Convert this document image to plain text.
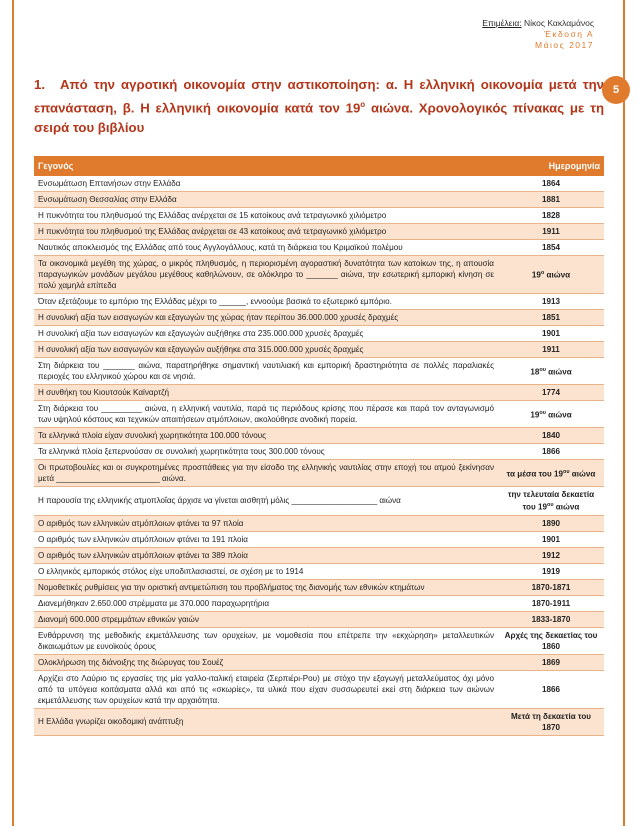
Επιμέλεια: Νίκος Κακλαμάνος
Έκδοση Α
Μάιος 2017
5
1. Από την αγροτική οικονομία στην αστικοποίηση: α. Η ελληνική οικονομία μετά την επανάσταση, β. Η ελληνική οικονομία κατά τον $19^o$ αιώνα. Χρονολογικός πίνακας με τη σειρά του βιβλίου
Γεγονός	Ημερομηνία
Ενσωμάτωση Επτανήσων στην Ελλάδα	1864
Ενσωμάτωση Θεσσαλίας στην Ελλάδα	1881
Η πυκνότητα του πληθυσμού της Ελλάδας ανέρχεται σε 15 κατοίκους ανά τετραγωνικό χιλιόμετρο	1828
Η πυκνότητα του πληθυσμού της Ελλάδας ανέρχεται σε 43 κατοίκους ανά τετραγωνικό χιλιόμετρο	1911
Ναυτικός αποκλεισμός της Ελλάδας από τους Αγγλογάλλους, κατά τη διάρκεια του Κριμαϊκού πολέμου	1854
Τα οικονομικά μεγέθη της χώρας, ο μικρός πληθυσμός, η περιορισμένη αγοραστική δυνατότητα των κατοίκων της, η απουσία παραγωγικών μονάδων μεγάλου μεγέθους καθηλώνουν, σε ολόκληρο το _______ αιώνα, την εσωτερική εμπορική κίνηση σε πολύ χαμηλά επίπεδα	$19^o$ αιώνα
Όταν εξετάζουμε το εμπόριο της Ελλάδας μέχρι το ______, εννοούμε βασικά το εξωτερικό εμπόριο.	1913
Η συνολική αξία των εισαγωγών και εξαγωγών της χώρας ήταν περίπου 36.000.000 χρυσές δραχμές	1851
Η συνολική αξία των εισαγωγών και εξαγωγών αυξήθηκε στα 235.000.000 χρυσές δραχμές	1901
Η συνολική αξία των εισαγωγών και εξαγωγών αυξήθηκε στα 315.000.000 χρυσές δραχμές	1911
Στη διάρκεια του _______ αιώνα, παρατηρήθηκε σημαντική ναυτιλιακή και εμπορική δραστηριότητα σε πολλές παραλιακές περιοχές του ελληνικού χώρου και σε νησιά.	$18^{o\upsilon}$ αιώνα
Η συνθήκη του Κιουτσούκ Καϊναρτζή	1774
Στη διάρκεια του _________ αιώνα, η ελληνική ναυτιλία, παρά τις περιόδους κρίσης που πέρασε και παρά τον ανταγωνισμό των υψηλού κόστους και τεχνικών απαιτήσεων ατμόπλοιων, ακολούθησε ανοδική πορεία.	$19^{o\upsilon}$ αιώνα
Τα ελληνικά πλοία είχαν συνολική χωρητικότητα 100.000 τόνους	1840
Τα ελληνικά πλοία ξεπερνούσαν σε συνολική χωρητικότητα τους 300.000 τόνους	1866
Οι πρωτοβουλίες και οι συγκροτημένες προσπάθειες για την είσοδο της ελληνικής ναυτιλίας στην εποχή του ατμού ξεκίνησαν μετά _______________________ αιώνα.	τα μέσα του $19^{o\upsilon}$ αιώνα
Η παρουσία της ελληνικής ατμοπλοΐας άρχισε να γίνεται αισθητή μόλις ___________________ αιώνα	την τελευταία δεκαετία του $19^{o\upsilon}$ αιώνα
Ο αριθμός των ελληνικών ατμόπλοιων φτάνει τα 97 πλοία	1890
Ο αριθμός των ελληνικών ατμόπλοιων φτάνει τα 191 πλοία	1901
Ο αριθμός των ελληνικών ατμόπλοιων φτάνει τα 389 πλοία	1912
Ο ελληνικός εμπορικός στόλος είχε υποδιπλασιαστεί, σε σχέση με το 1914	1919
Νομοθετικές ρυθμίσεις για την οριστική αντιμετώπιση του προβλήματος της διανομής των εθνικών κτημάτων	1870-1871
Διανεμήθηκαν 2.650.000 στρέμματα με 370.000 παραχωρητήρια	1870-1911
Διανομή 600.000 στρεμμάτων εθνικών γαιών	1833-1870
Ενθάρρυνση της μεθοδικής εκμετάλλευσης των ορυχείων, με νομοθεσία που επέτρεπε την «εκχώρηση» μεταλλευτικών δικαιωμάτων με ευνοϊκούς όρους	Αρχές της δεκαετίας του 1860
Ολοκλήρωση της διάνοιξης της διώρυγας του Σουέζ	1869
Αρχίζει στο Λαύριο τις εργασίες της μία γαλλο-ιταλική εταιρεία (Σερπιέρι-Ρου) με στόχο την εξαγωγή μεταλλεύματος όχι μόνο από τα υπόγεια κοιτάσματα αλλά και από τις «σκωρίες», τα υλικά που είχαν συσσωρευτεί εκεί στη διάρκεια των αιώνων εκμετάλλευσης των ορυχείων κατά την αρχαιότητα.	1866
Η Ελλάδα γνωρίζει οικοδομική ανάπτυξη	Μετά τη δεκαετία του 1870
